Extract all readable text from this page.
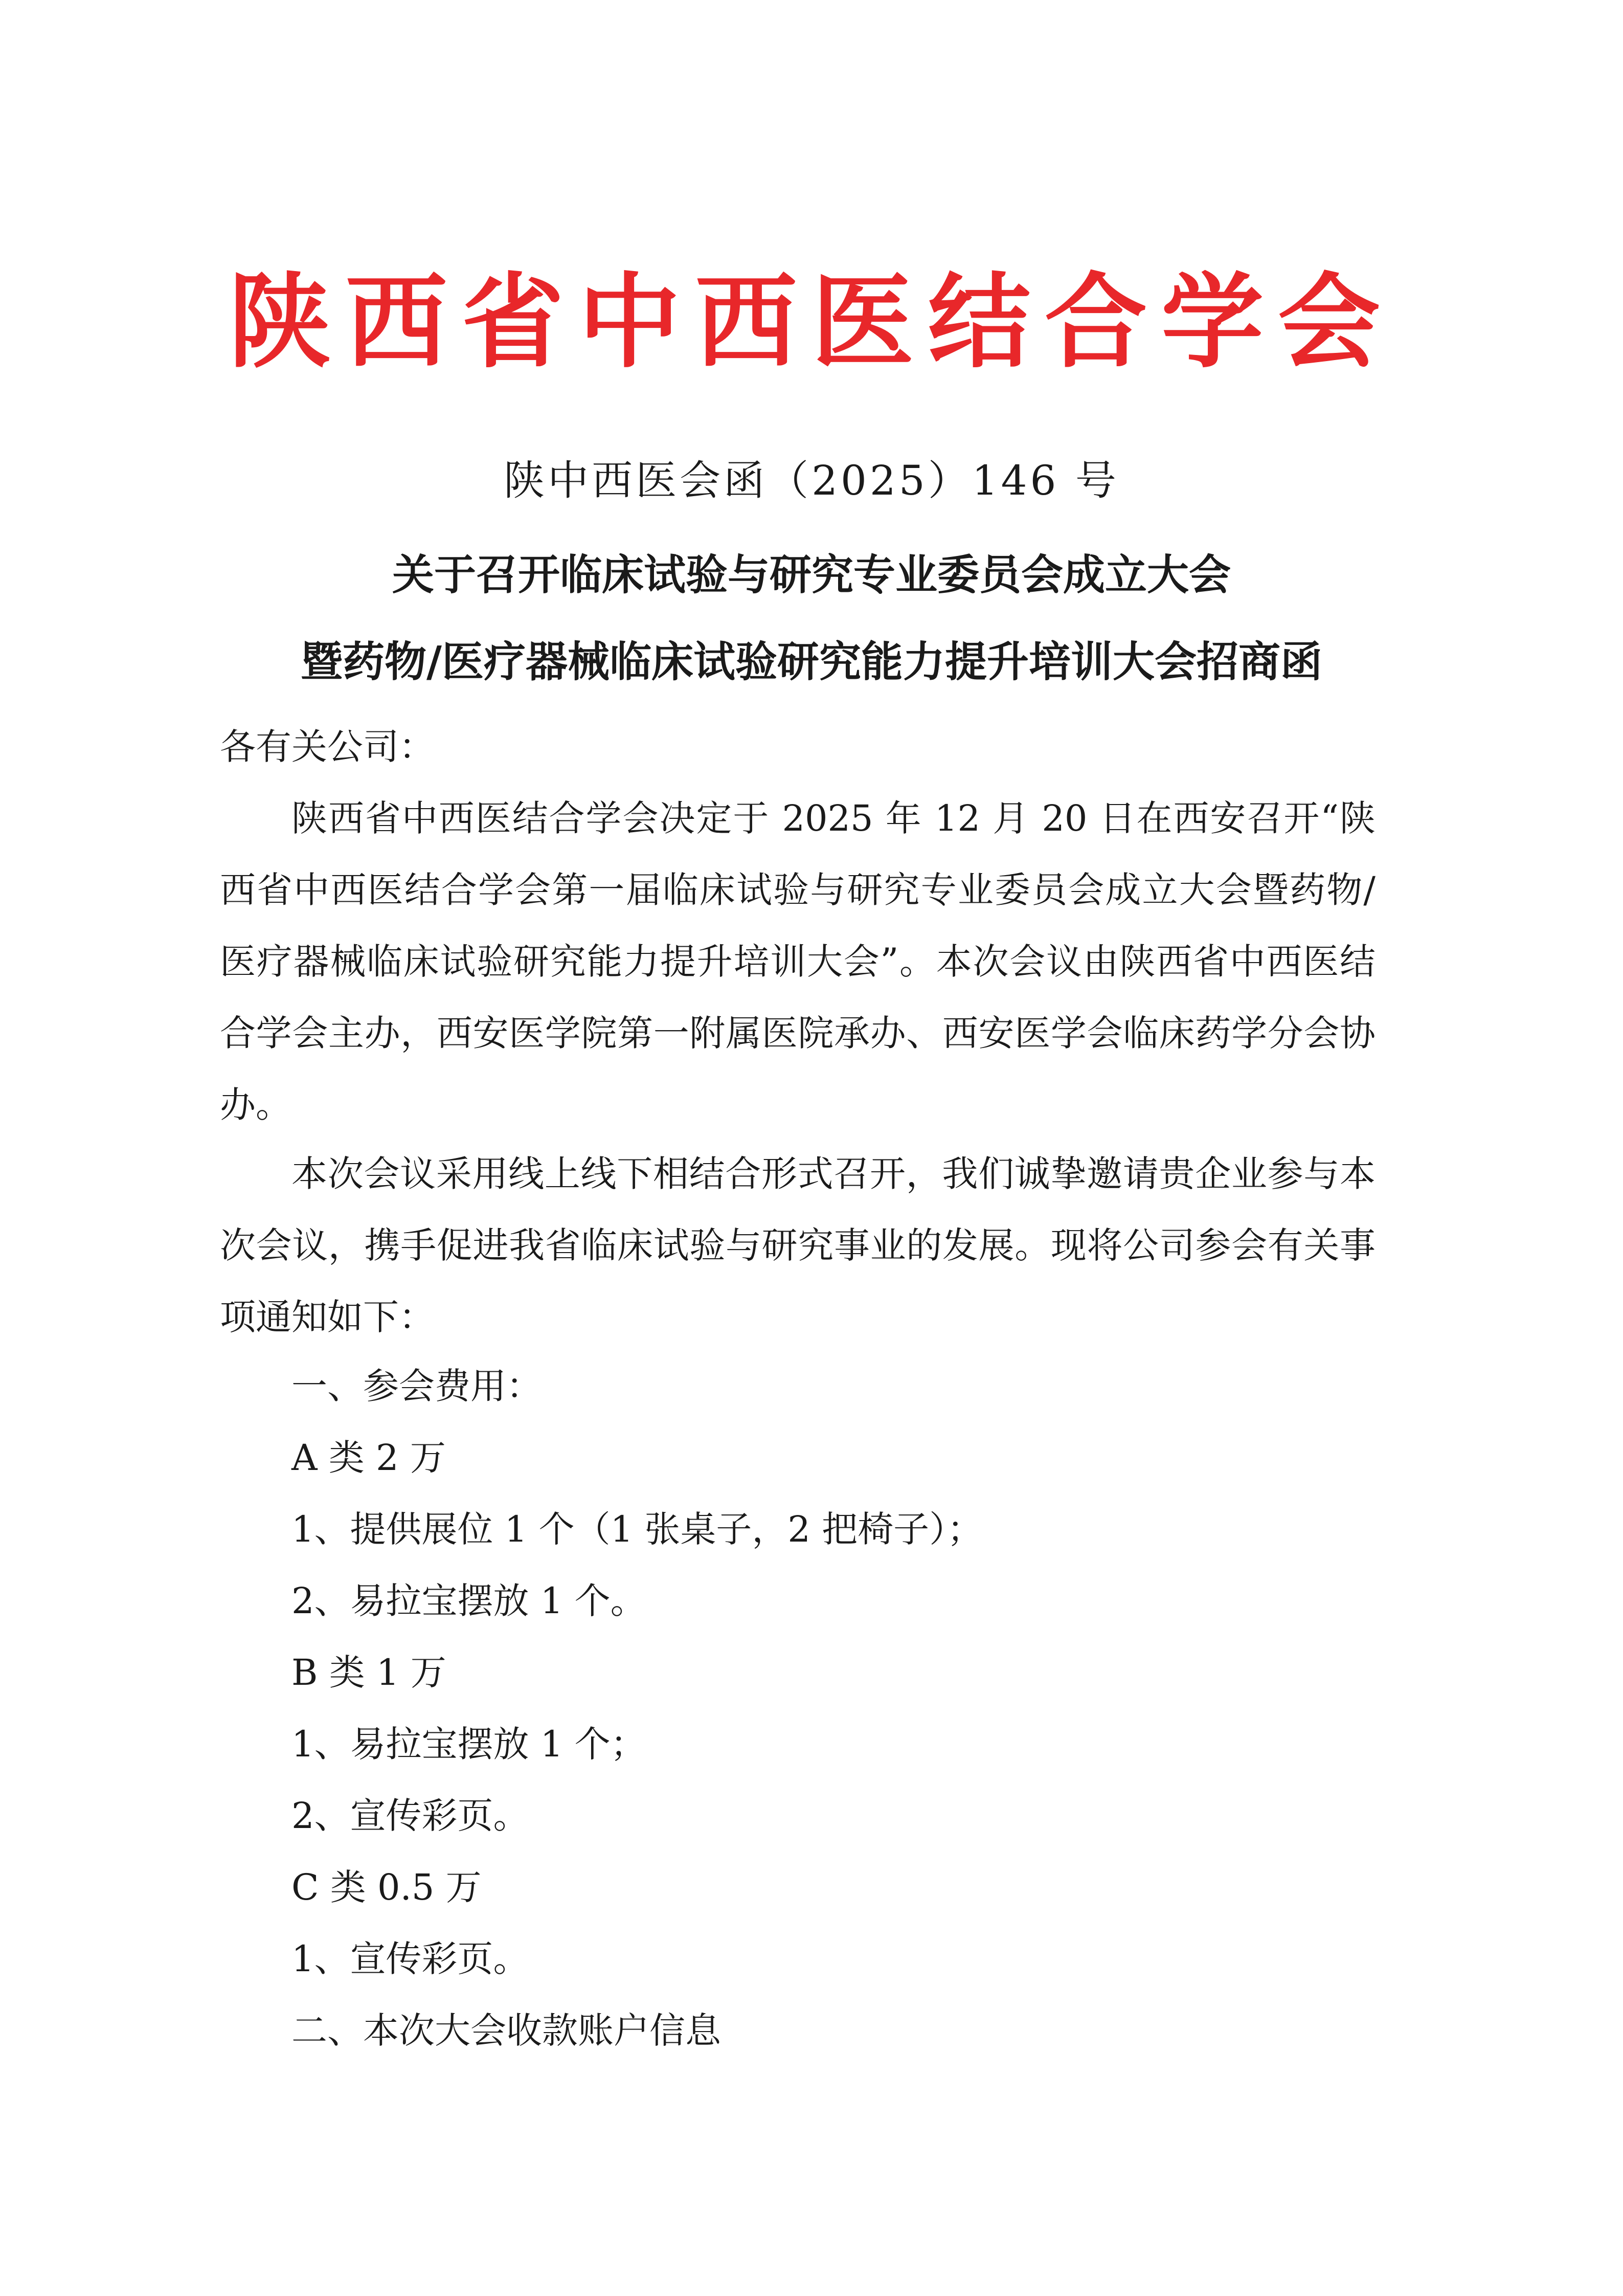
陕西省中西医结合学会
陕中西医会函（2025）146 号
关于召开临床试验与研究专业委员会成立大会
暨药物/医疗器械临床试验研究能力提升培训大会招商函
各有关公司：

陕西省中西医结合学会决定于 2025 年 12 月 20 日在西安召开“陕西省中西医结合学会第一届临床试验与研究专业委员会成立大会暨药物/医疗器械临床试验研究能力提升培训大会”。本次会议由陕西省中西医结合学会主办，西安医学院第一附属医院承办、西安医学会临床药学分会协办。

本次会议采用线上线下相结合形式召开，我们诚挚邀请贵企业参与本次会议，携手促进我省临床试验与研究事业的发展。现将公司参会有关事项通知如下：

一、参会费用：
A 类 2 万
1、提供展位 1 个（1 张桌子，2 把椅子）；
2、易拉宝摆放 1 个。
B 类 1 万
1、易拉宝摆放 1 个；
2、宣传彩页。
C 类 0.5 万
1、宣传彩页。
二、本次大会收款账户信息
